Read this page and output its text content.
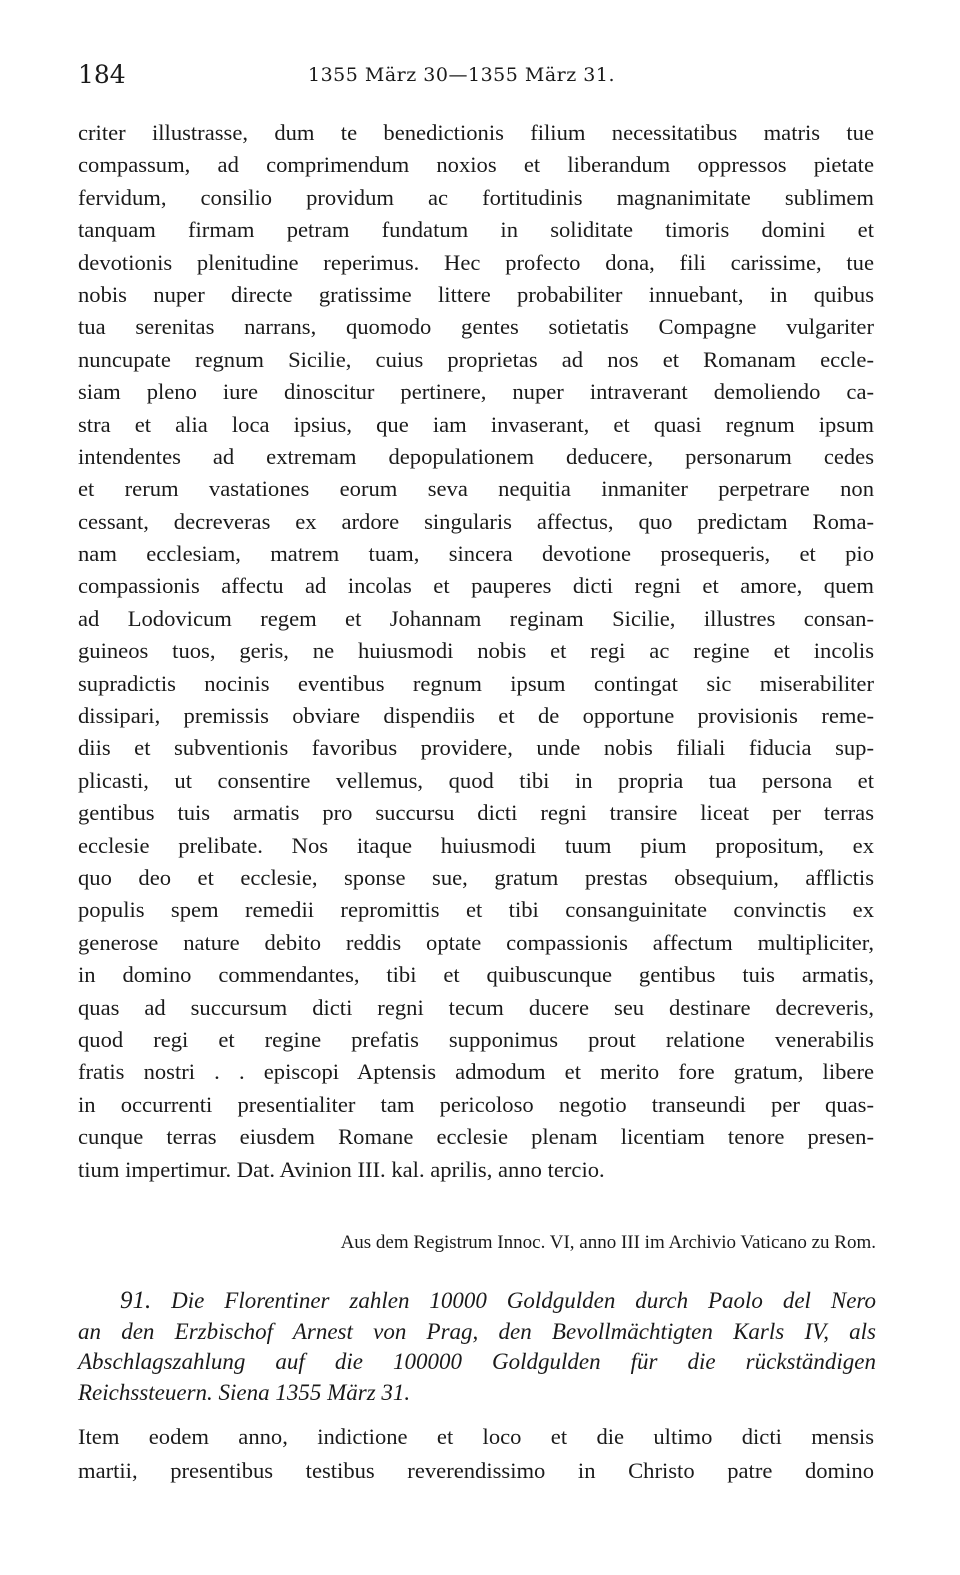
184	1355 März 30—1355 März 31.
criter illustrasse, dum te benedictionis filium necessitatibus matris tue
compassum, ad comprimendum noxios et liberandum oppressos pietate
fervidum, consilio providum ac fortitudinis magnanimitate sublimem
tanquam firmam petram fundatum in soliditate timoris domini et
devotionis plenitudine reperimus. Hec profecto dona, fili carissime, tue
nobis nuper directe gratissime littere probabiliter innuebant, in quibus
tua serenitas narrans, quomodo gentes sotietatis Compagne vulgariter
nuncupate regnum Sicilie, cuius proprietas ad nos et Romanam eccle-
siam pleno iure dinoscitur pertinere, nuper intraverant demoliendo ca-
stra et alia loca ipsius, que iam invaserant, et quasi regnum ipsum
intendentes ad extremam depopulationem deducere, personarum cedes
et rerum vastationes eorum seva nequitia inmaniter perpetrare non
cessant, decreveras ex ardore singularis affectus, quo predictam Roma-
nam ecclesiam, matrem tuam, sincera devotione prosequeris, et pio
compassionis affectu ad incolas et pauperes dicti regni et amore, quem
ad Lodovicum regem et Johannam reginam Sicilie, illustres consan-
guineos tuos, geris, ne huiusmodi nobis et regi ac regine et incolis
supradictis nocinis eventibus regnum ipsum contingat sic miserabiliter
dissipari, premissis obviare dispendiis et de opportune provisionis reme-
diis et subventionis favoribus providere, unde nobis filiali fiducia sup-
plicasti, ut consentire vellemus, quod tibi in propria tua persona et
gentibus tuis armatis pro succursu dicti regni transire liceat per terras
ecclesie prelibate. Nos itaque huiusmodi tuum pium propositum, ex
quo deo et ecclesie, sponse sue, gratum prestas obsequium, afflictis
populis spem remedii repromittis et tibi consanguinitate convinctis ex
generose nature debito reddis optate compassionis affectum multipliciter,
in domino commendantes, tibi et quibuscunque gentibus tuis armatis,
quas ad succursum dicti regni tecum ducere seu destinare decreveris,
quod regi et regine prefatis supponimus prout relatione venerabilis
fratis nostri . . episcopi Aptensis admodum et merito fore gratum, libere
in occurrenti presentialiter tam pericoloso negotio transeundi per quas-
cunque terras eiusdem Romane ecclesie plenam licentiam tenore presen-
tium impertimur. Dat. Avinion III. kal. aprilis, anno tercio.
Aus dem Registrum Innoc. VI, anno III im Archivio Vaticano zu Rom.
91. Die Florentiner zahlen 10000 Goldgulden durch Paolo del Nero
an den Erzbischof Arnest von Prag, den Bevollmächtigten Karls IV, als
Abschlagszahlung auf die 100000 Goldgulden für die rückständigen
Reichssteuern. Siena 1355 März 31.
Item eodem anno, indictione et loco et die ultimo dicti mensis
martii, presentibus testibus reverendissimo in Christo patre domino
